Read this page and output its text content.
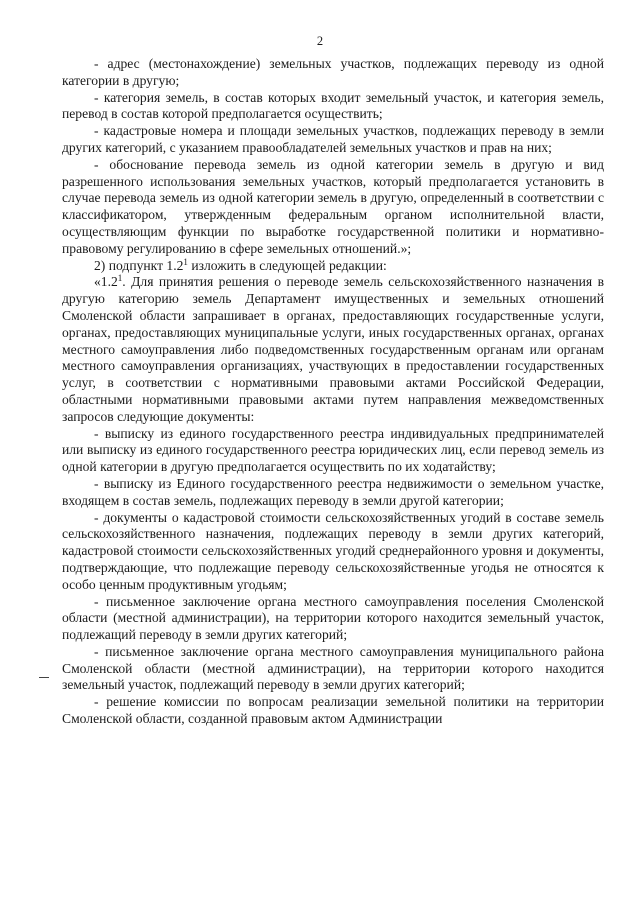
2

- адрес (местонахождение) земельных участков, подлежащих переводу из одной категории в другую;

- категория земель, в состав которых входит земельный участок, и категория земель, перевод в состав которой предполагается осуществить;

- кадастровые номера и площади земельных участков, подлежащих переводу в земли других категорий, с указанием правообладателей земельных участков и прав на них;

- обоснование перевода земель из одной категории земель в другую и вид разрешенного использования земельных участков, который предполагается установить в случае перевода земель из одной категории земель в другую, определенный в соответствии с классификатором, утвержденным федеральным органом исполнительной власти, осуществляющим функции по выработке государственной политики и нормативно-правовому регулированию в сфере земельных отношений.»;

2) подпункт $1.2^1$ изложить в следующей редакции:

«$1.2^1$. Для принятия решения о переводе земель сельскохозяйственного назначения в другую категорию земель Департамент имущественных и земельных отношений Смоленской области запрашивает в органах, предоставляющих государственные услуги, органах, предоставляющих муниципальные услуги, иных государственных органах, органах местного самоуправления либо подведомственных государственным органам или органам местного самоуправления организациях, участвующих в предоставлении государственных услуг, в соответствии с нормативными правовыми актами Российской Федерации, областными нормативными правовыми актами путем направления межведомственных запросов следующие документы:

- выписку из единого государственного реестра индивидуальных предпринимателей или выписку из единого государственного реестра юридических лиц, если перевод земель из одной категории в другую предполагается осуществить по их ходатайству;

- выписку из Единого государственного реестра недвижимости о земельном участке, входящем в состав земель, подлежащих переводу в земли другой категории;

- документы о кадастровой стоимости сельскохозяйственных угодий в составе земель сельскохозяйственного назначения, подлежащих переводу в земли других категорий, кадастровой стоимости сельскохозяйственных угодий среднерайонного уровня и документы, подтверждающие, что подлежащие переводу сельскохозяйственные угодья не относятся к особо ценным продуктивным угодьям;

- письменное заключение органа местного самоуправления поселения Смоленской области (местной администрации), на территории которого находится земельный участок, подлежащий переводу в земли других категорий;

- письменное заключение органа местного самоуправления муниципального района Смоленской области (местной администрации), на территории которого находится земельный участок, подлежащий переводу в земли других категорий;

- решение комиссии по вопросам реализации земельной политики на территории Смоленской области, созданной правовым актом Администрации
